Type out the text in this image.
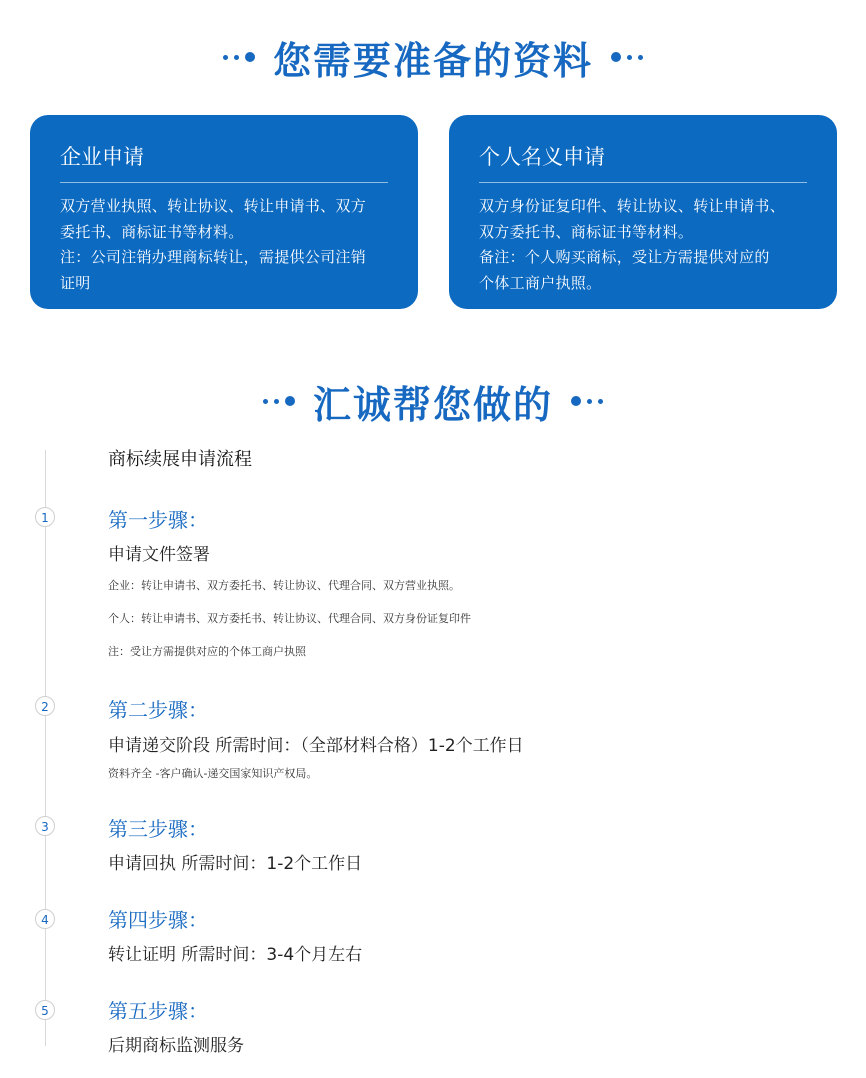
您需要准备的资料
企业申请

双方营业执照、转让协议、转让申请书、双方

委托书、商标证书等材料。

注：公司注销办理商标转让，需提供公司注销

证明

个人名义申请

双方身份证复印件、转让协议、转让申请书、

双方委托书、商标证书等材料。

备注：个人购买商标，受让方需提供对应的

个体工商户执照。

汇诚帮您做的
商标续展申请流程
1	第一步骤：
申请文件签署
企业：转让申请书、双方委托书、转让协议、代理合同、双方营业执照。
个人：转让申请书、双方委托书、转让协议、代理合同、双方身份证复印件
注：受让方需提供对应的个体工商户执照
2	第二步骤：
申请递交阶段 所需时间：（全部材料合格）1-2个工作日
资料齐全 -客户确认-递交国家知识产权局。
3	第三步骤：
申请回执 所需时间：1-2个工作日
4	第四步骤：
转让证明 所需时间：3-4个月左右
5	第五步骤：
后期商标监测服务
